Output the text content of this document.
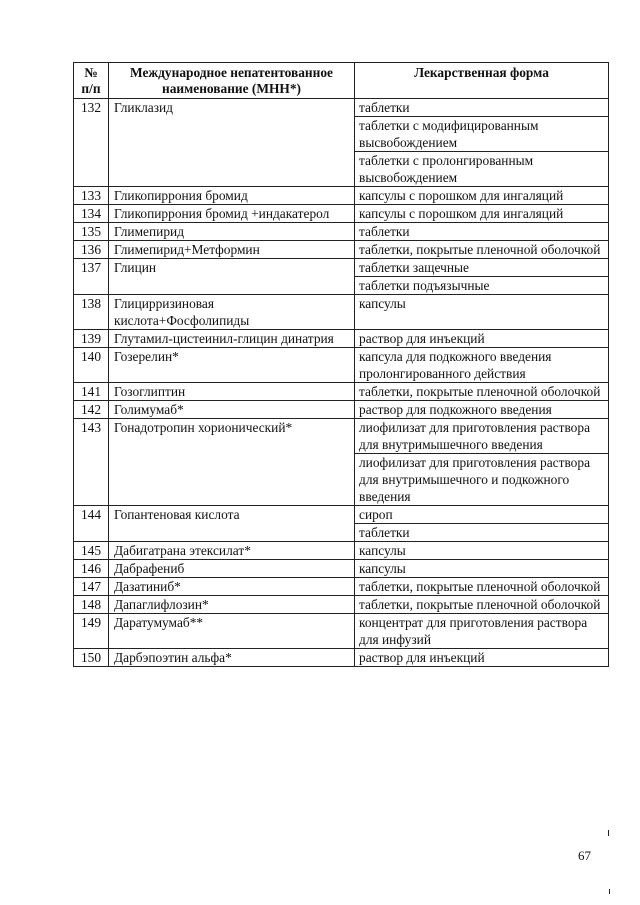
№ п/п	Международное непатентованное наименование (МНН*)	Лекарственная форма
132	Гликлазид	таблетки
		таблетки с модифицированным высвобождением
		таблетки с пролонгированным высвобождением
133	Гликопиррония бромид	капсулы с порошком для ингаляций
134	Гликопиррония бромид +индакатерол	капсулы с порошком для ингаляций
135	Глимепирид	таблетки
136	Глимепирид+Метформин	таблетки, покрытые пленочной оболочкой
137	Глицин	таблетки защечные
		таблетки подъязычные
138	Глицирризиновая кислота+Фосфолипиды	капсулы
139	Глутамил-цистеинил-глицин динатрия	раствор для инъекций
140	Гозерелин*	капсула для подкожного введения пролонгированного действия
141	Гозоглиптин	таблетки, покрытые пленочной оболочкой
142	Голимумаб*	раствор для подкожного введения
143	Гонадотропин хорионический*	лиофилизат для приготовления раствора для внутримышечного введения
		лиофилизат для приготовления раствора для внутримышечного и подкожного введения
144	Гопантеновая кислота	сироп
		таблетки
145	Дабигатрана этексилат*	капсулы
146	Дабрафениб	капсулы
147	Дазатиниб*	таблетки, покрытые пленочной оболочкой
148	Дапаглифлозин*	таблетки, покрытые пленочной оболочкой
149	Даратумумаб**	концентрат для приготовления раствора для инфузий
150	Дарбэпоэтин альфа*	раствор для инъекций
67
